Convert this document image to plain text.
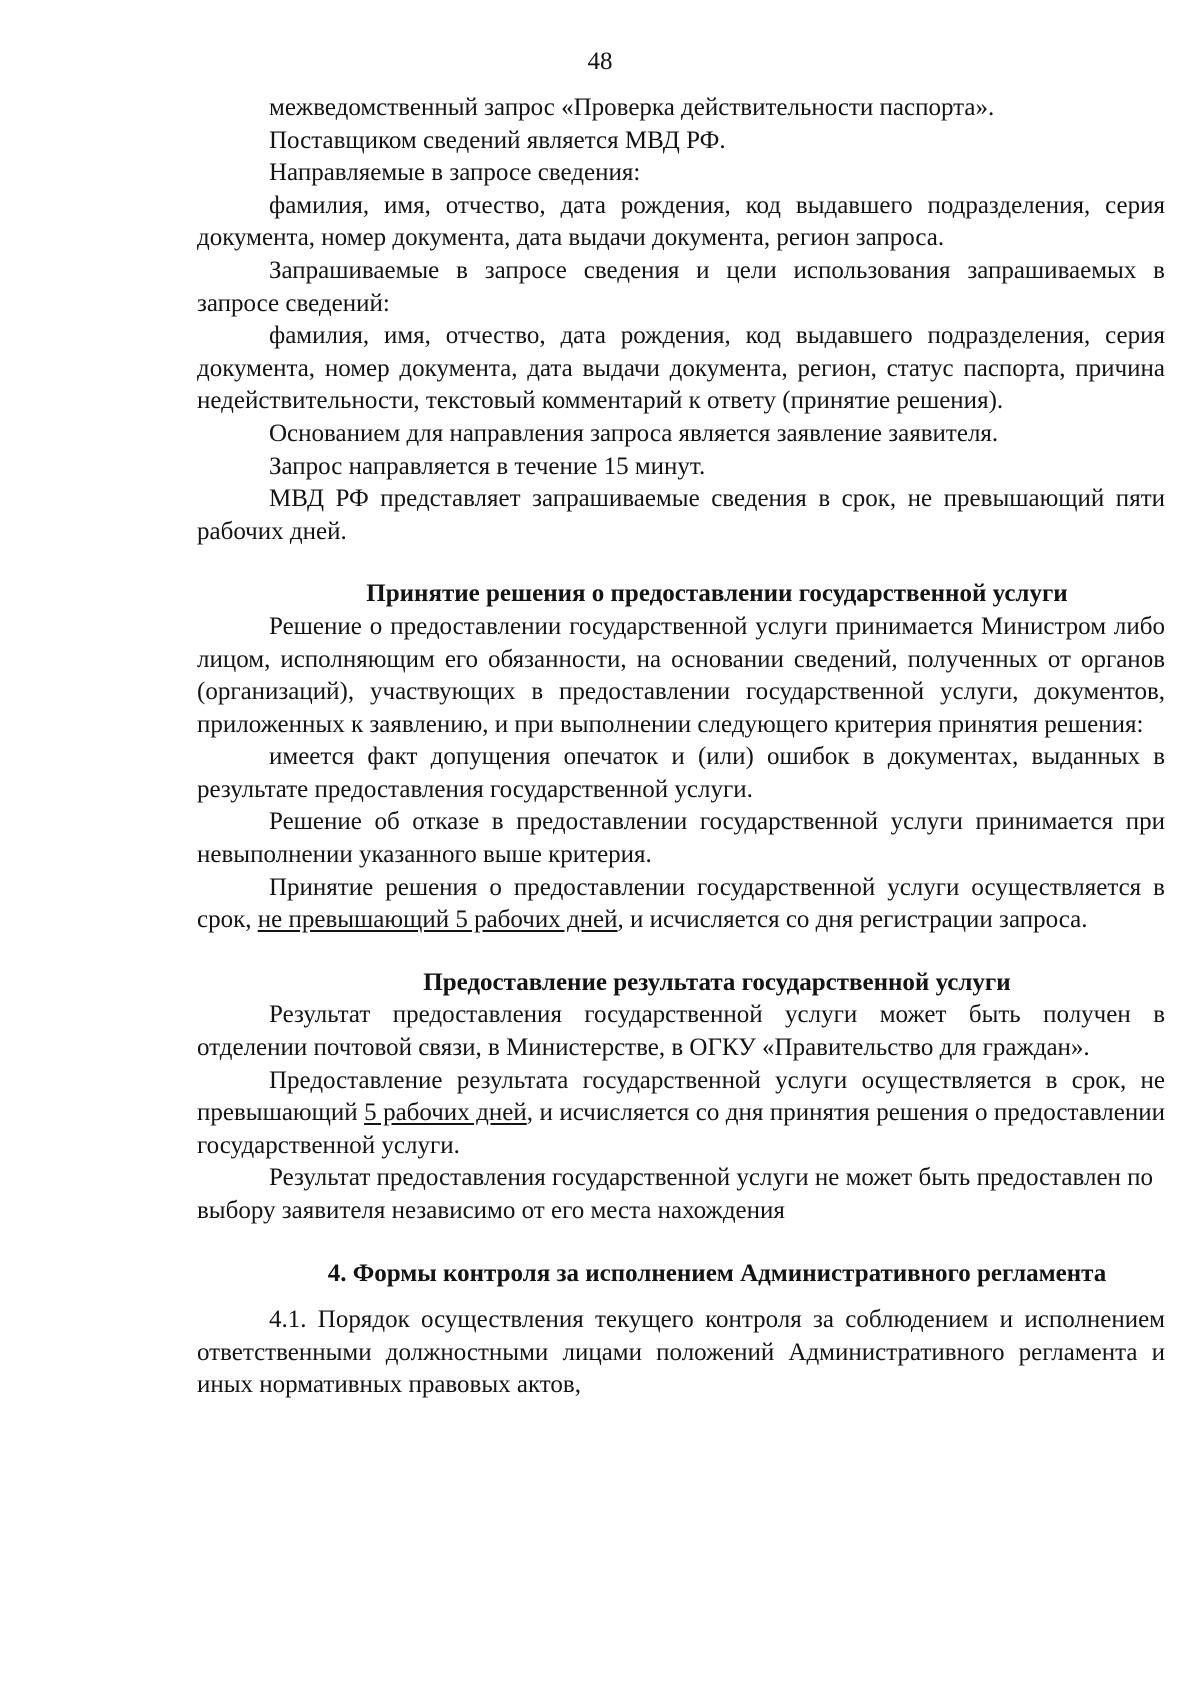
48

межведомственный запрос «Проверка действительности паспорта».

Поставщиком сведений является МВД РФ.

Направляемые в запросе сведения:

фамилия, имя, отчество, дата рождения, код выдавшего подразделения, серия документа, номер документа, дата выдачи документа, регион запроса.

Запрашиваемые в запросе сведения и цели использования запрашиваемых в запросе сведений:

фамилия, имя, отчество, дата рождения, код выдавшего подразделения, серия документа, номер документа, дата выдачи документа, регион, статус паспорта, причина недействительности, текстовый комментарий к ответу (принятие решения).

Основанием для направления запроса является заявление заявителя.

Запрос направляется в течение 15 минут.

МВД РФ представляет запрашиваемые сведения в срок, не превышающий пяти рабочих дней.

Принятие решения о предоставлении государственной услуги

Решение о предоставлении государственной услуги принимается Министром либо лицом, исполняющим его обязанности, на основании сведений, полученных от органов (организаций), участвующих в предоставлении государственной услуги, документов, приложенных к заявлению, и при выполнении следующего критерия принятия решения:

имеется факт допущения опечаток и (или) ошибок в документах, выданных в результате предоставления государственной услуги.

Решение об отказе в предоставлении государственной услуги принимается при невыполнении указанного выше критерия.

Принятие решения о предоставлении государственной услуги осуществляется в срок, не превышающий 5 рабочих дней, и исчисляется со дня регистрации запроса.

Предоставление результата государственной услуги

Результат предоставления государственной услуги может быть получен в отделении почтовой связи, в Министерстве, в ОГКУ «Правительство для граждан».

Предоставление результата государственной услуги осуществляется в срок, не превышающий 5 рабочих дней, и исчисляется со дня принятия решения о предоставлении государственной услуги.

Результат предоставления государственной услуги не может быть предоставлен по выбору заявителя независимо от его места нахождения

4. Формы контроля за исполнением Административного регламента

4.1. Порядок осуществления текущего контроля за соблюдением и исполнением ответственными должностными лицами положений Административного регламента и иных нормативных правовых актов,
